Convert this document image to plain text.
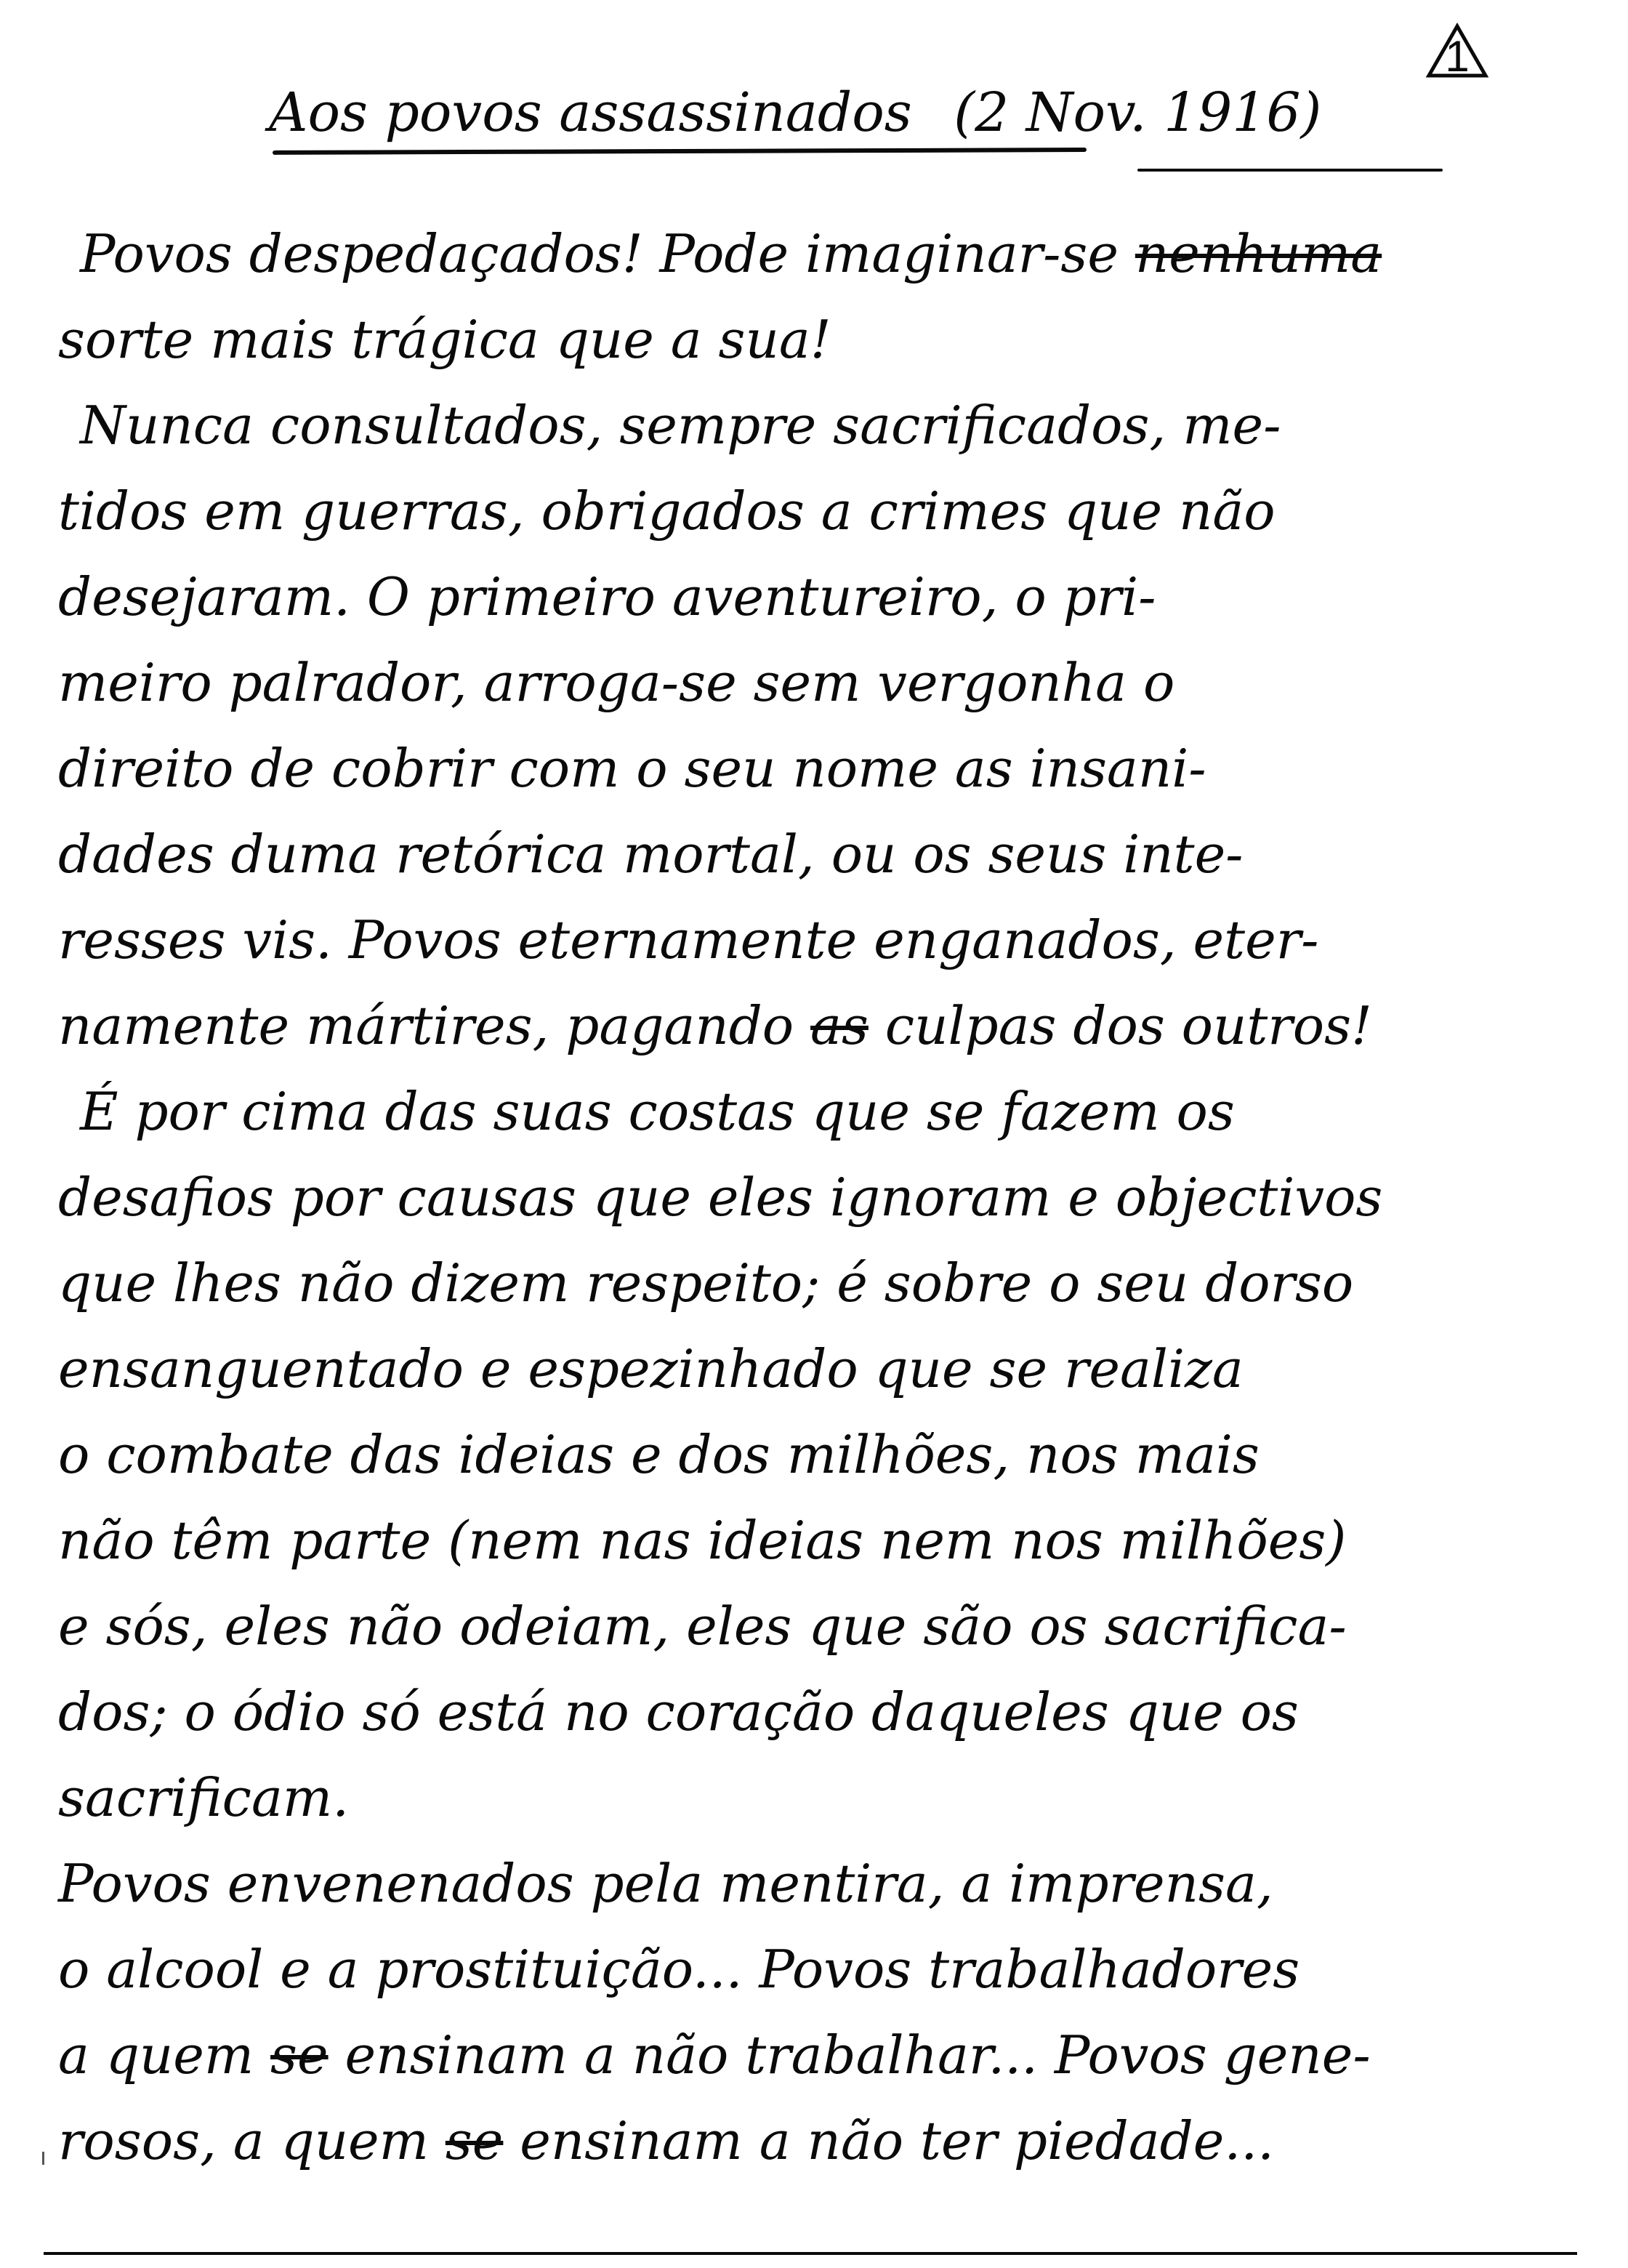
1
Aos povos assassinados (2 Nov. 1916)
Povos despedaçados! Pode imaginar-se nenhuma
sorte mais trágica que a sua!
Nunca consultados, sempre sacrificados, me-
tidos em guerras, obrigados a crimes que não
desejaram. O primeiro aventureiro, o pri-
meiro palrador, arroga-se sem vergonha o
direito de cobrir com o seu nome as insani-
dades duma retórica mortal, ou os seus inte-
resses vis. Povos eternamente enganados, eter-
namente mártires, pagando as culpas dos outros!
É por cima das suas costas que se fazem os
desafios por causas que eles ignoram e objectivos
que lhes não dizem respeito; é sobre o seu dorso
ensanguentado e espezinhado que se realiza
o combate das ideias e dos milhões, nos mais
não têm parte (nem nas ideias nem nos milhões)
e sós, eles não odeiam, eles que são os sacrifica-
dos; o ódio só está no coração daqueles que os
sacrificam.
Povos envenenados pela mentira, a imprensa,
o alcool e a prostituição... Povos trabalhadores
a quem se ensinam a não trabalhar... Povos gene-
rosos, a quem se ensinam a não ter piedade...
